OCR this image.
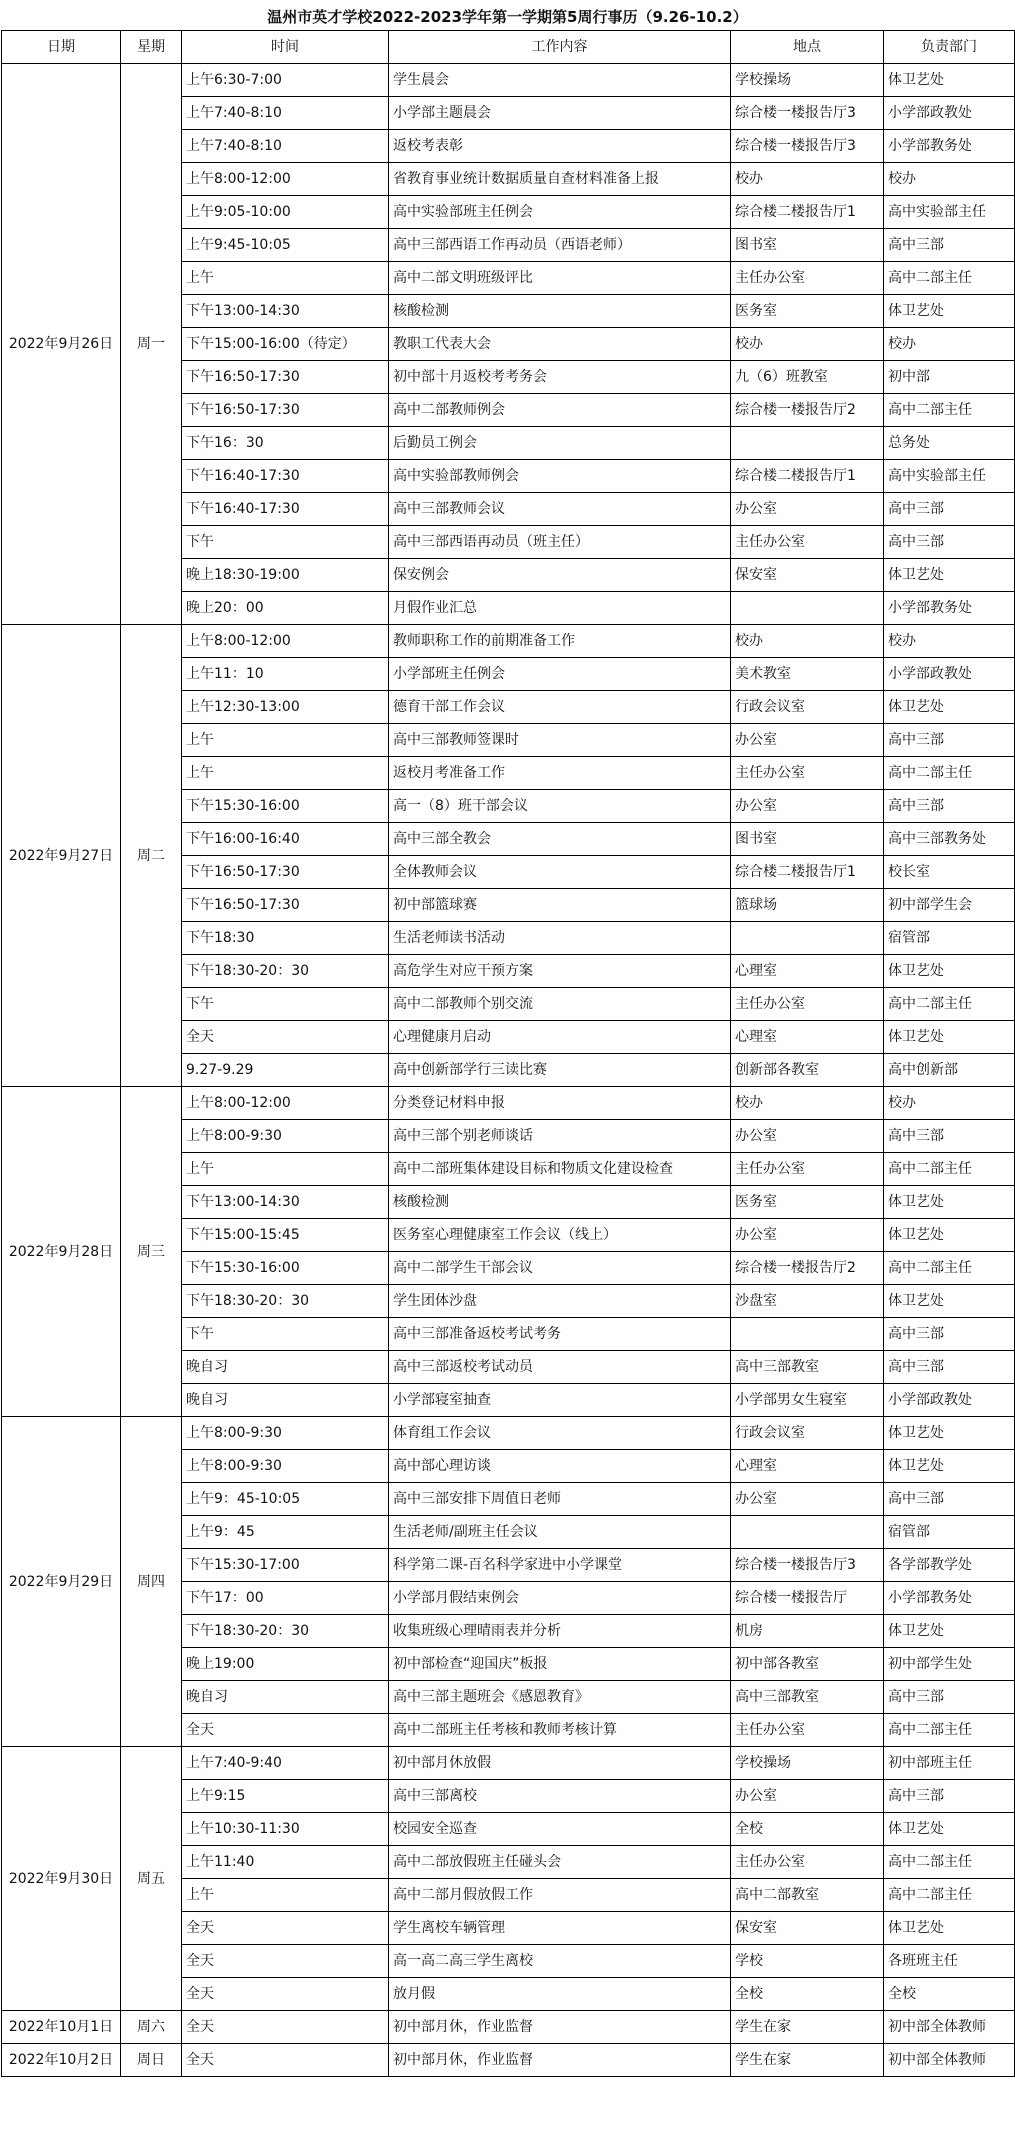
温州市英才学校2022-2023学年第一学期第5周行事历（9.26-10.2）
日期	星期	时间	工作内容	地点	负责部门
2022年9月26日	周一	上午6:30-7:00	学生晨会	学校操场	体卫艺处
		上午7:40-8:10	小学部主题晨会	综合楼一楼报告厅3	小学部政教处
		上午7:40-8:10	返校考表彰	综合楼一楼报告厅3	小学部教务处
		上午8:00-12:00	省教育事业统计数据质量自查材料准备上报	校办	校办
		上午9:05-10:00	高中实验部班主任例会	综合楼二楼报告厅1	高中实验部主任
		上午9:45-10:05	高中三部西语工作再动员（西语老师）	图书室	高中三部
		上午	高中二部文明班级评比	主任办公室	高中二部主任
		下午13:00-14:30	核酸检测	医务室	体卫艺处
		下午15:00-16:00（待定）	教职工代表大会	校办	校办
		下午16:50-17:30	初中部十月返校考考务会	九（6）班教室	初中部
		下午16:50-17:30	高中二部教师例会	综合楼一楼报告厅2	高中二部主任
		下午16：30	后勤员工例会		总务处
		下午16:40-17:30	高中实验部教师例会	综合楼二楼报告厅1	高中实验部主任
		下午16:40-17:30	高中三部教师会议	办公室	高中三部
		下午	高中三部西语再动员（班主任）	主任办公室	高中三部
		晚上18:30-19:00	保安例会	保安室	体卫艺处
		晚上20：00	月假作业汇总		小学部教务处
2022年9月27日	周二	上午8:00-12:00	教师职称工作的前期准备工作	校办	校办
		上午11：10	小学部班主任例会	美术教室	小学部政教处
		上午12:30-13:00	德育干部工作会议	行政会议室	体卫艺处
		上午	高中三部教师签课时	办公室	高中三部
		上午	返校月考准备工作	主任办公室	高中二部主任
		下午15:30-16:00	高一（8）班干部会议	办公室	高中三部
		下午16:00-16:40	高中三部全教会	图书室	高中三部教务处
		下午16:50-17:30	全体教师会议	综合楼二楼报告厅1	校长室
		下午16:50-17:30	初中部篮球赛	篮球场	初中部学生会
		下午18:30	生活老师读书活动		宿管部
		下午18:30-20：30	高危学生对应干预方案	心理室	体卫艺处
		下午	高中二部教师个别交流	主任办公室	高中二部主任
		全天	心理健康月启动	心理室	体卫艺处
		9.27-9.29	高中创新部学行三读比赛	创新部各教室	高中创新部
2022年9月28日	周三	上午8:00-12:00	分类登记材料申报	校办	校办
		上午8:00-9:30	高中三部个别老师谈话	办公室	高中三部
		上午	高中二部班集体建设目标和物质文化建设检查	主任办公室	高中二部主任
		下午13:00-14:30	核酸检测	医务室	体卫艺处
		下午15:00-15:45	医务室心理健康室工作会议（线上）	办公室	体卫艺处
		下午15:30-16:00	高中二部学生干部会议	综合楼一楼报告厅2	高中二部主任
		下午18:30-20：30	学生团体沙盘	沙盘室	体卫艺处
		下午	高中三部准备返校考试考务		高中三部
		晚自习	高中三部返校考试动员	高中三部教室	高中三部
		晚自习	小学部寝室抽查	小学部男女生寝室	小学部政教处
2022年9月29日	周四	上午8:00-9:30	体育组工作会议	行政会议室	体卫艺处
		上午8:00-9:30	高中部心理访谈	心理室	体卫艺处
		上午9：45-10:05	高中三部安排下周值日老师	办公室	高中三部
		上午9：45	生活老师/副班主任会议		宿管部
		下午15:30-17:00	科学第二课-百名科学家进中小学课堂	综合楼一楼报告厅3	各学部教学处
		下午17：00	小学部月假结束例会	综合楼一楼报告厅	小学部教务处
		下午18:30-20：30	收集班级心理晴雨表并分析	机房	体卫艺处
		晚上19:00	初中部检查“迎国庆”板报	初中部各教室	初中部学生处
		晚自习	高中三部主题班会《感恩教育》	高中三部教室	高中三部
		全天	高中二部班主任考核和教师考核计算	主任办公室	高中二部主任
2022年9月30日	周五	上午7:40-9:40	初中部月休放假	学校操场	初中部班主任
		上午9:15	高中三部离校	办公室	高中三部
		上午10:30-11:30	校园安全巡查	全校	体卫艺处
		上午11:40	高中二部放假班主任碰头会	主任办公室	高中二部主任
		上午	高中二部月假放假工作	高中二部教室	高中二部主任
		全天	学生离校车辆管理	保安室	体卫艺处
		全天	高一高二高三学生离校	学校	各班班主任
		全天	放月假	全校	全校
2022年10月1日	周六	全天	初中部月休，作业监督	学生在家	初中部全体教师
2022年10月2日	周日	全天	初中部月休，作业监督	学生在家	初中部全体教师
